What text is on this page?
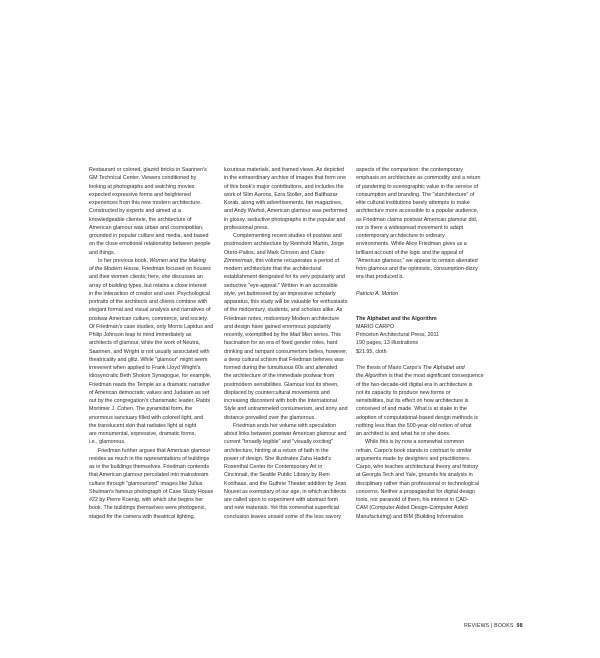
Restaurant or colored, glazed bricks in Saarinen's

GM Technical Center. Viewers conditioned by

looking at photographs and watching movies

expected expressive forms and heightened

experiences from this new modern architecture.

Constructed by experts and aimed at a

knowledgeable clientele, the architecture of

American glamour was urban and cosmopolitan,

grounded in popular culture and media, and based

on the close emotional relationship between people

and things.

In her previous book, Women and the Making

of the Modern House, Friedman focused on houses

and their women clients; here, she discusses an

array of building types, but retains a close interest

in the interaction of creator and user. Psychological

portraits of the architects and clients combine with

elegant formal and visual analysis and narratives of

postwar American culture, commerce, and society.

Of Friedman's case studies, only Morris Lapidus and

Philip Johnson leap to mind immediately as

architects of glamour, while the work of Neutra,

Saarinen, and Wright is not usually associated with

theatricality and glitz. While "glamour" might seem

irreverent when applied to Frank Lloyd Wright's

idiosyncratic Beth Sholom Synagogue, for example,

Friedman reads the Temple as a dramatic narrative

of American democratic values and Judaism as set

out by the congregation's charismatic leader, Rabbi

Mortimer J. Cohen. The pyramidal form, the

enormous sanctuary filled with colored light, and

the translucent skin that radiates light at night

are monumental, expressive, dramatic forms,

i.e., glamorous.

Friedman further argues that American glamour

resides as much in the representations of buildings

as in the buildings themselves. Friedman contends

that American glamour percolated into mainstream

culture through "glamourized" images like Julius

Shulman's famous photograph of Case Study House

#22 by Pierre Koenig, with which she begins her

book. The buildings themselves were photogenic,

staged for the camera with theatrical lighting,

luxurious materials, and framed views. As depicted

in the extraordinary archive of images that form one

of this book's major contributions, and includes the

work of Slim Aarons, Ezra Stoller, and Balthazar

Korab, along with advertisements, fan magazines,

and Andy Warhol, American glamour was performed

in glossy, seductive photographs in the popular and

professional press.

Complementing recent studies of postwar and

postmodern architecture by Reinhold Martin, Jorge

Otero-Pailos, and Mark Crinson and Claire

Zimmerman, this volume recuperates a period of

modern architecture that the architectural

establishment denigrated for its very popularity and

seductive "eye-appeal." Written in an accessible

style, yet buttressed by an impressive scholarly

apparatus, this study will be valuable for enthusiasts

of the midcentury, students, and scholars alike. As

Friedman notes, midcentury Modern architecture

and design have gained enormous popularity

recently, exemplified by the Mad Men series. This

fascination for an era of fixed gender roles, hard

drinking and rampant consumerism belies, however,

a deep cultural schism that Friedman believes was

formed during the tumultuous 60s and alienated

the architecture of the immediate postwar from

postmodern sensibilities. Glamour lost its sheen,

displaced by countercultural movements and

increasing discontent with both the International

Style and untrammeled consumerism, and irony and

distance prevailed over the glamorous.

Friedman ends her volume with speculation

about links between postwar American glamour and

current "broadly legible" and "visually exciting"

architecture, hinting at a return of faith in the

power of design. She illustrates Zaha Hadid's

Rosenthal Center for Contemporary Art in

Cincinnati, the Seattle Public Library by Rem

Koolhaas, and the Guthrie Theater addition by Jean

Nouvel as exemplary of our age, in which architects

are called upon to experiment with abstract form

and new materials. Yet this somewhat superficial

conclusion leaves unsaid some of the less savory

aspects of the comparison: the contemporary

emphasis on architecture as commodity and a return

of pandering to scenographic value in the service of

consumption and branding. The "starchitecture" of

elite cultural institutions barely attempts to make

architecture more accessible to a popular audience,

as Friedman claims postwar American glamour did,

nor is there a widespread movement to adapt

contemporary architecture to ordinary

environments. While Alice Friedman gives us a

brilliant account of the logic and the appeal of

"American glamour," we appear to remain alienated

from glamour and the optimistic, consumption-dizzy

era that produced it.

Patricio A. Morton

The Alphabet and the Algorithm

MARIO CARPO

Princeton Architectural Press, 2011

190 pages, 13 illustrations

$21.95, cloth

The thesis of Mario Carpo's The Alphabet and

the Algorithm is that the most significant consequence

of the two-decade-old digital era in architecture is

not its capacity to produce new forms or

sensibilities, but its effect on how architecture is

conceived of and made. What is at stake in the

adoption of computational-based design methods is

nothing less than the 500-year-old notion of what

an architect is and what he or she does.

While this is by now a somewhat common

refrain, Carpo's book stands in contrast to similar

arguments made by designers and practitioners.

Carpo, who teaches architectural theory and history

at Georgia Tech and Yale, grounds his analysis in

disciplinary rather than professional or technological

concerns. Neither a propagandist for digital design

tools, nor paranoid of them, his interest in CAD-

CAM (Computer Aided Design-Computer Aided

Manufacturing) and BIM (Building Information

REVIEWS | BOOKS 98
